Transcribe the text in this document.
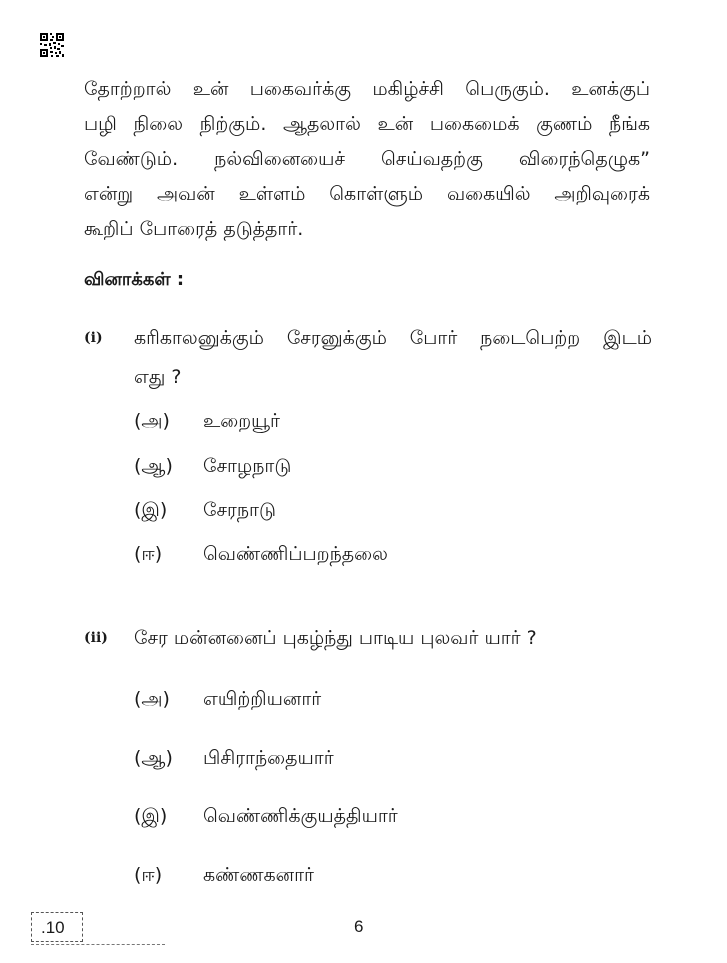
தோற்றால் உன் பகைவர்க்கு மகிழ்ச்சி பெருகும். உனக்குப்
பழி நிலை நிற்கும். ஆதலால் உன் பகைமைக் குணம் நீங்க
வேண்டும். நல்வினையைச் செய்வதற்கு விரைந்தெழுக”
என்று அவன் உள்ளம் கொள்ளும் வகையில் அறிவுரைக்
கூறிப் போரைத் தடுத்தார்.
வினாக்கள் :
(i) கரிகாலனுக்கும் சேரனுக்கும் போர் நடைபெற்ற இடம்
எது ?
(அ) உறையூர்
(ஆ) சோழநாடு
(இ) சேரநாடு
(ஈ) வெண்ணிப்பறந்தலை
(ii) சேர மன்னனைப் புகழ்ந்து பாடிய புலவர் யார் ?
(அ) எயிற்றியனார்
(ஆ) பிசிராந்தையார்
(இ) வெண்ணிக்குயத்தியார்
(ஈ) கண்ணகனார்
.10	6
